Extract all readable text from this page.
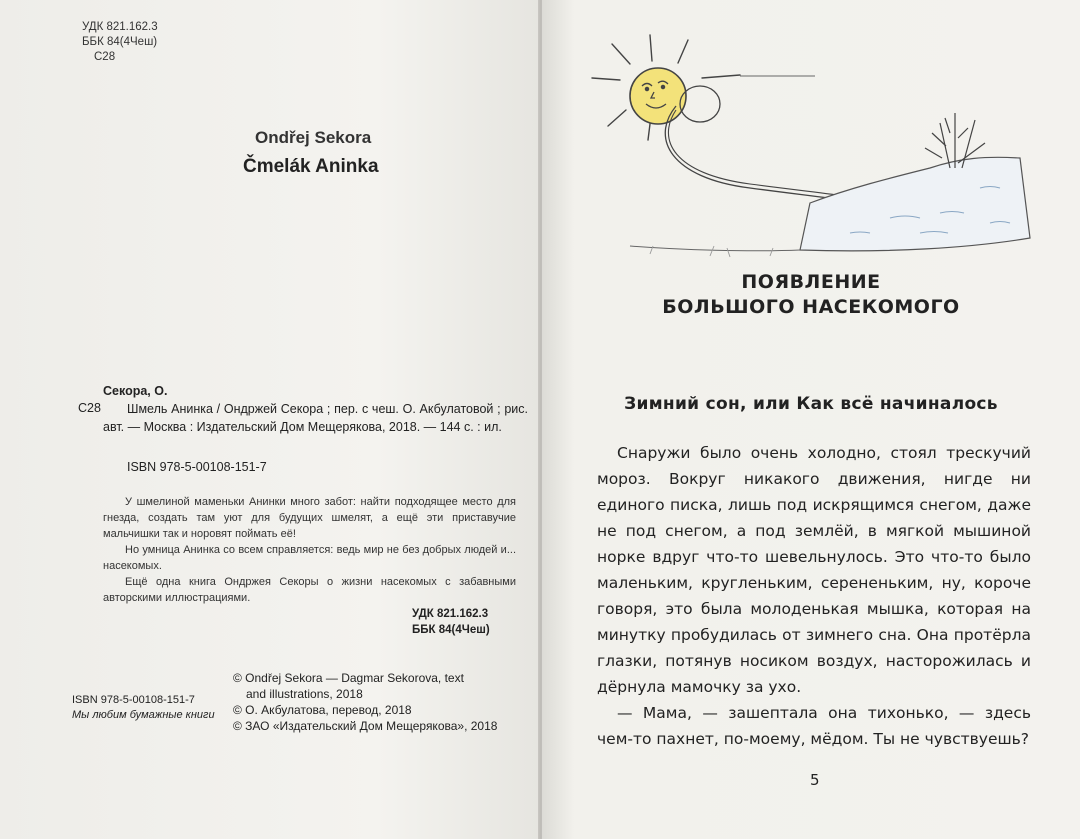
УДК 821.162.3
ББК 84(4Чеш)
С28
Ondřej Sekora
Čmelák Aninka
Секора, О.
С28	Шмель Анинка / Ондржей Секора ; пер. с чеш. О. Акбулатовой ; рис. авт. — Москва : Издательский Дом Мещерякова, 2018. — 144 с. : ил.
ISBN 978-5-00108-151-7

У шмелиной маменьки Анинки много забот: найти подходящее место для гнезда, создать там уют для будущих шмелят, а ещё эти приставучие мальчишки так и норовят поймать её!

Но умница Анинка со всем справляется: ведь мир не без добрых людей и... насекомых.

Ещё одна книга Ондржея Секоры о жизни насекомых с забавными авторскими иллюстрациями.

УДК 821.162.3
ББК 84(4Чеш)
© Ondřej Sekora — Dagmar Sekorova, text
and illustrations, 2018
© О. Акбулатова, перевод, 2018
© ЗАО «Издательский Дом Мещерякова», 2018
ISBN 978-5-00108-151-7
Мы любим бумажные книги
ПОЯВЛЕНИЕ
БОЛЬШОГО НАСЕКОМОГО
Зимний сон, или Как всё начиналось

Снаружи было очень холодно, стоял трескучий мороз. Вокруг никакого движения, нигде ни единого писка, лишь под искрящимся снегом, даже не под снегом, а под землёй, в мягкой мышиной норке вдруг что-то шевельнулось. Это что-то было маленьким, кругленьким, серененьким, ну, короче говоря, это была молоденькая мышка, которая на минутку пробудилась от зимнего сна. Она протёрла глазки, потянув носиком воздух, насторожилась и дёрнула мамочку за ухо.

— Мама, — зашептала она тихонько, — здесь чем-то пахнет, по-моему, мёдом. Ты не чувствуешь?

5
